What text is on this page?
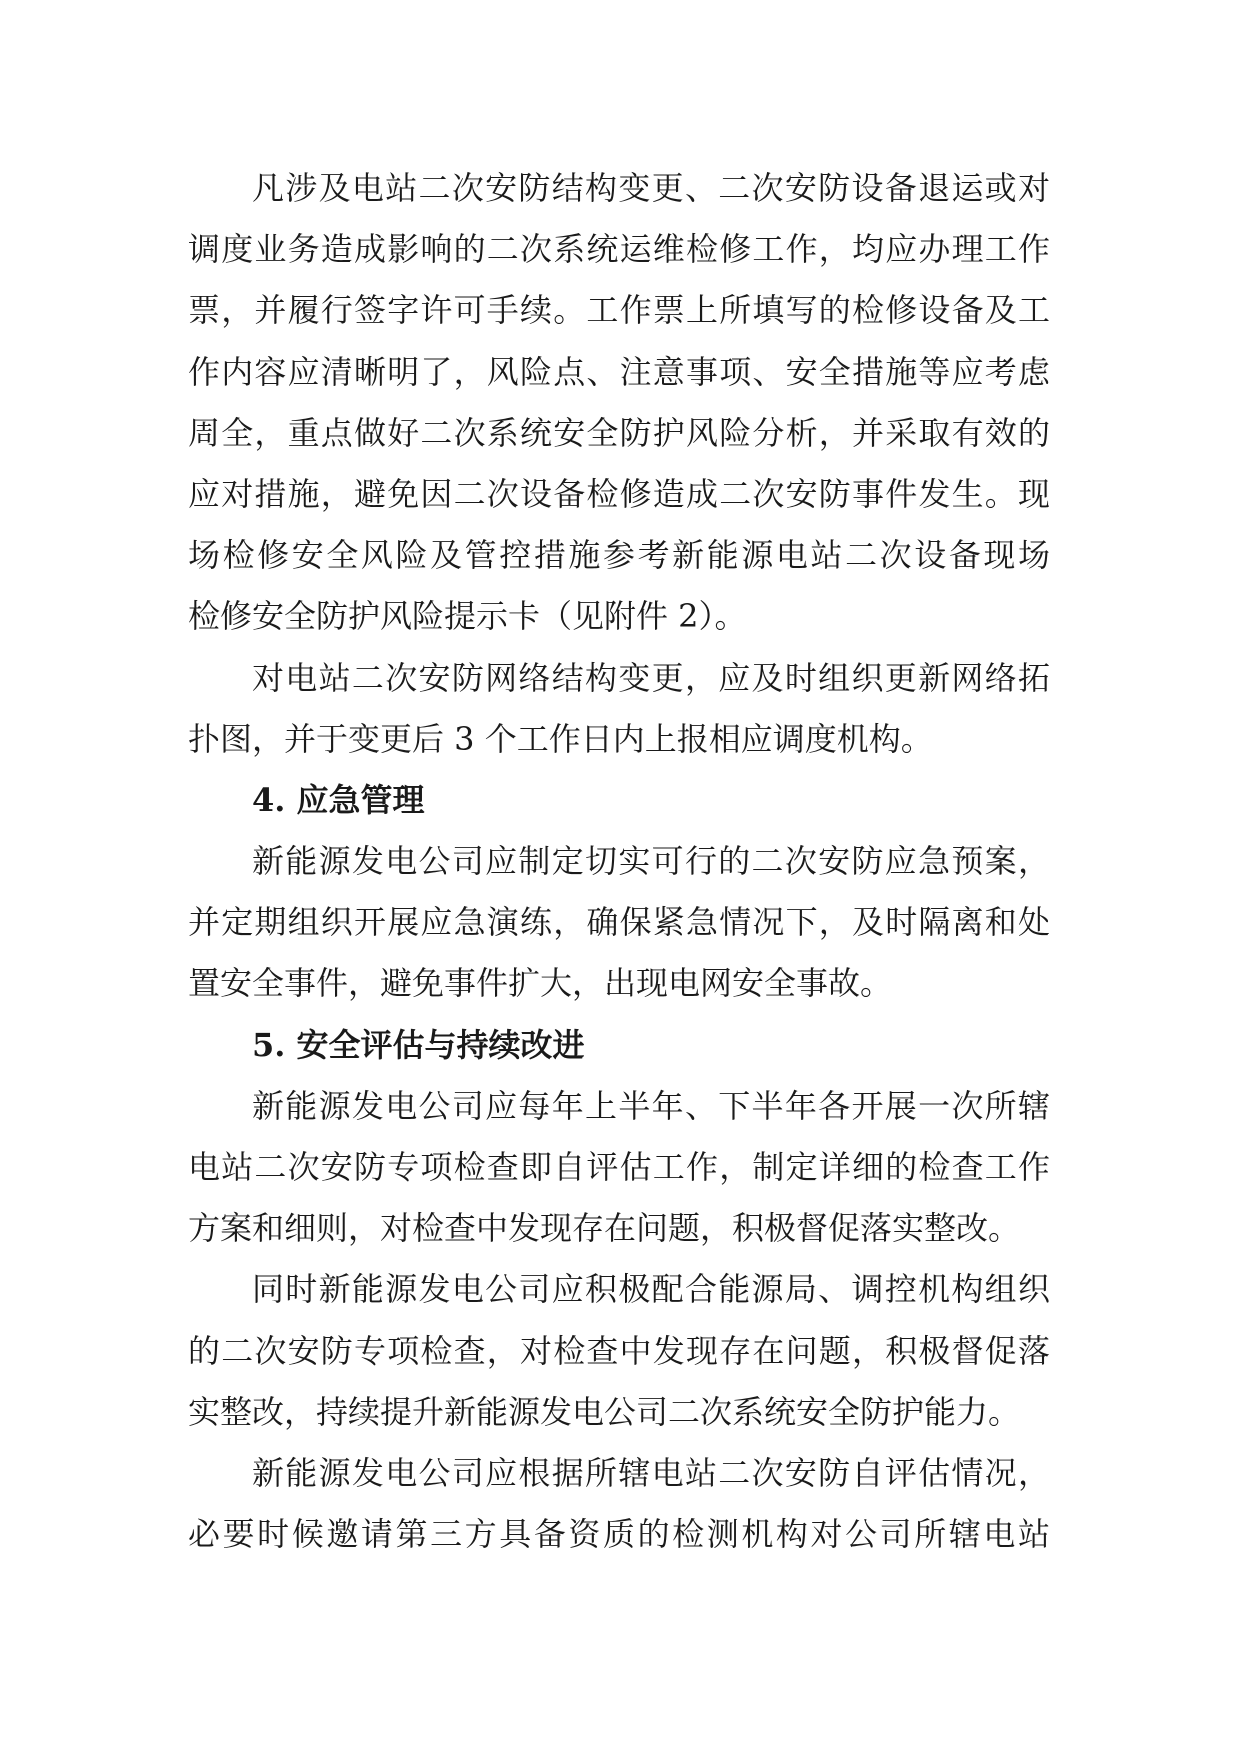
凡涉及电站二次安防结构变更、二次安防设备退运或对
调度业务造成影响的二次系统运维检修工作，均应办理工作
票，并履行签字许可手续。工作票上所填写的检修设备及工
作内容应清晰明了，风险点、注意事项、安全措施等应考虑
周全，重点做好二次系统安全防护风险分析，并采取有效的
应对措施，避免因二次设备检修造成二次安防事件发生。现
场检修安全风险及管控措施参考新能源电站二次设备现场
检修安全防护风险提示卡（见附件 2）。
对电站二次安防网络结构变更，应及时组织更新网络拓
扑图，并于变更后 3 个工作日内上报相应调度机构。
4. 应急管理
新能源发电公司应制定切实可行的二次安防应急预案，
并定期组织开展应急演练，确保紧急情况下，及时隔离和处
置安全事件，避免事件扩大，出现电网安全事故。
5. 安全评估与持续改进
新能源发电公司应每年上半年、下半年各开展一次所辖
电站二次安防专项检查即自评估工作，制定详细的检查工作
方案和细则，对检查中发现存在问题，积极督促落实整改。
同时新能源发电公司应积极配合能源局、调控机构组织
的二次安防专项检查，对检查中发现存在问题，积极督促落
实整改，持续提升新能源发电公司二次系统安全防护能力。
新能源发电公司应根据所辖电站二次安防自评估情况，
必要时候邀请第三方具备资质的检测机构对公司所辖电站
